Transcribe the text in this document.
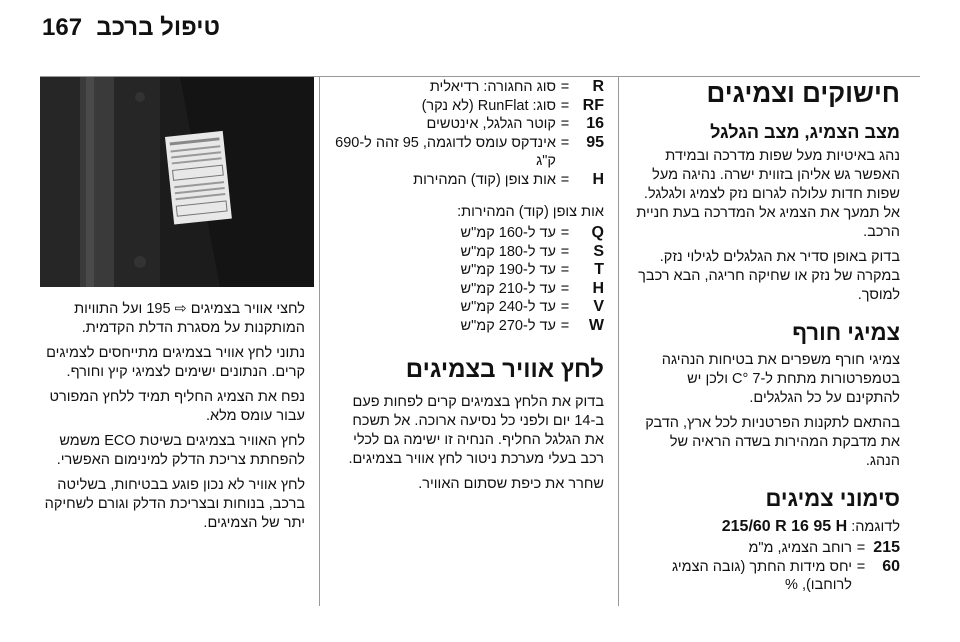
167 טיפול ברכב
חישוקים וצמיגים
מצב הצמיג, מצב הגלגל

נהג באיטיות מעל שפות מדרכה ובמידת האפשר גש אליהן בזווית ישרה. נהיגה מעל שפות חדות עלולה לגרום נזק לצמיג ולגלגל. אל תמעך את הצמיג אל המדרכה בעת חניית הרכב.

בדוק באופן סדיר את הגלגלים לגילוי נזק. במקרה של נזק או שחיקה חריגה, הבא רכבך למוסך.

צמיגי חורף

צמיגי חורף משפרים את בטיחות הנהיגה בטמפרטורות מתחת ל-7 °C ולכן יש להתקינם על כל הגלגלים.

בהתאם לתקנות הפרטניות לכל ארץ, הדבק את מדבקת המהירות בשדה הראיה של הנהג.

סימוני צמיגים
לדוגמה: 215/60 R 16 95 H
215	=	רוחב הצמיג, מ"מ
60	=	יחס מידות החתך (גובה הצמיג לרוחבו), %
R	=	סוג החגורה: רדיאלית
RF	=	סוג: RunFlat (לא נקר)
16	=	קוטר הגלגל, אינטשים
95	=	אינדקס עומס לדוגמה, 95 זהה ל-690 ק"ג
H	=	אות צופן (קוד) המהירות

אות צופן (קוד) המהירות:

Q	=	עד ל-160 קמ"ש
S	=	עד ל-180 קמ"ש
T	=	עד ל-190 קמ"ש
H	=	עד ל-210 קמ"ש
V	=	עד ל-240 קמ"ש
W	=	עד ל-270 קמ"ש
לחץ אוויר בצמיגים

בדוק את הלחץ בצמיגים קרים לפחות פעם ב-14 יום ולפני כל נסיעה ארוכה. אל תשכח את הגלגל החליף. הנחיה זו ישימה גם לכלי רכב בעלי מערכת ניטור לחץ אוויר בצמיגים.

שחרר את כיפת שסתום האוויר.

לחצי אוויר בצמיגים ⇨ 195 ועל התוויות המותקנות על מסגרת הדלת הקדמית.

נתוני לחץ אוויר בצמיגים מתייחסים לצמיגים קרים. הנתונים ישימים לצמיגי קיץ וחורף.

נפח את הצמיג החליף תמיד ללחץ המפורט עבור עומס מלא.

לחץ האוויר בצמיגים בשיטת ECO משמש להפחתת צריכת הדלק למינימום האפשרי.

לחץ אוויר לא נכון פוגע בבטיחות, בשליטה ברכב, בנוחות ובצריכת הדלק וגורם לשחיקה יתר של הצמיגים.
